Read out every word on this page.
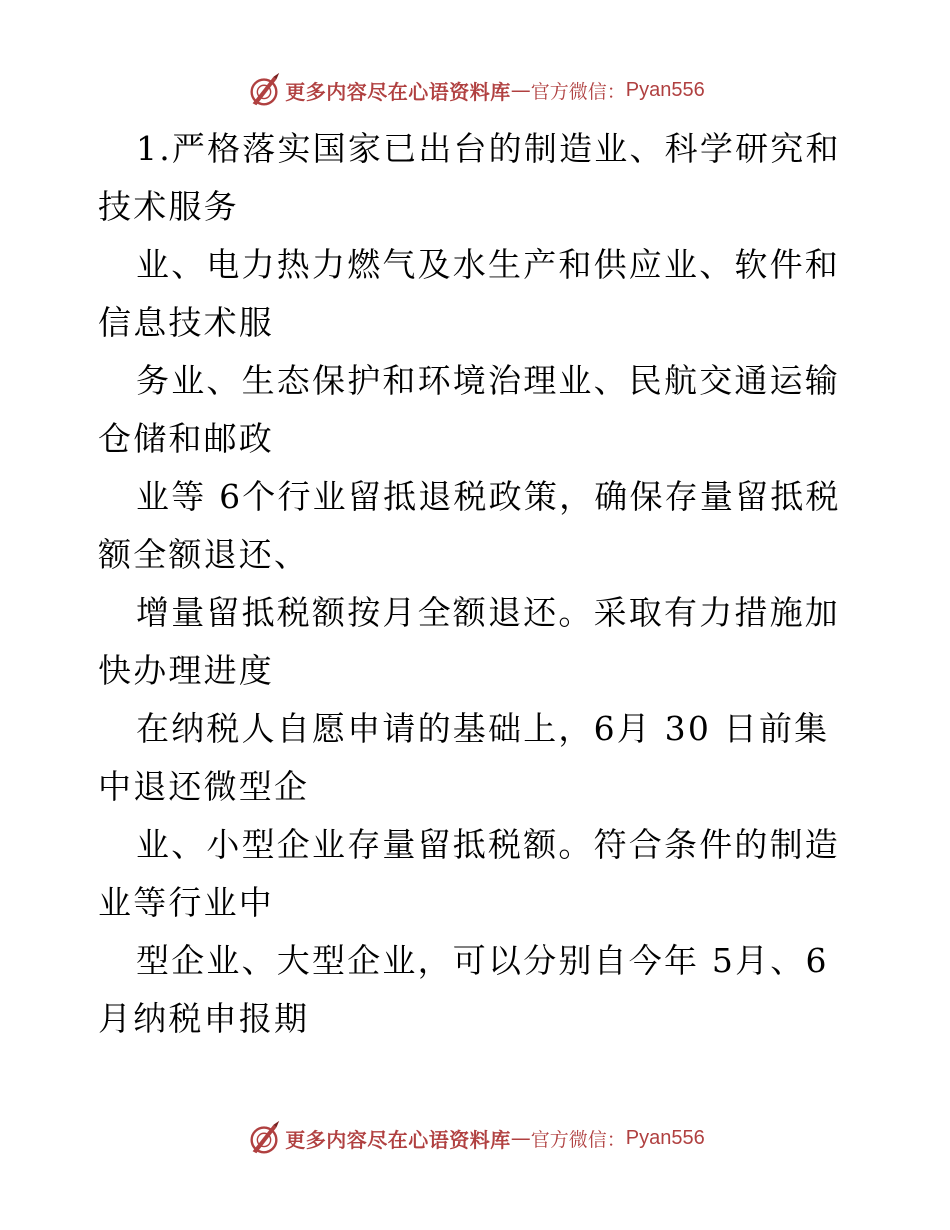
更多内容尽在心语资料库 — 官方微信： Pyan556

1.严格落实国家已出台的制造业、科学研究和技术服务

业、电力热力燃气及水生产和供应业、软件和信息技术服

务业、生态保护和环境治理业、民航交通运输仓储和邮政

业等 6个行业留抵退税政策，确保存量留抵税额全额退还、

增量留抵税额按月全额退还。采取有力措施加快办理进度

在纳税人自愿申请的基础上，6月 30 日前集中退还微型企

业、小型企业存量留抵税额。符合条件的制造业等行业中

型企业、大型企业，可以分别自今年 5月、6月纳税申报期

更多内容尽在心语资料库 — 官方微信： Pyan556
